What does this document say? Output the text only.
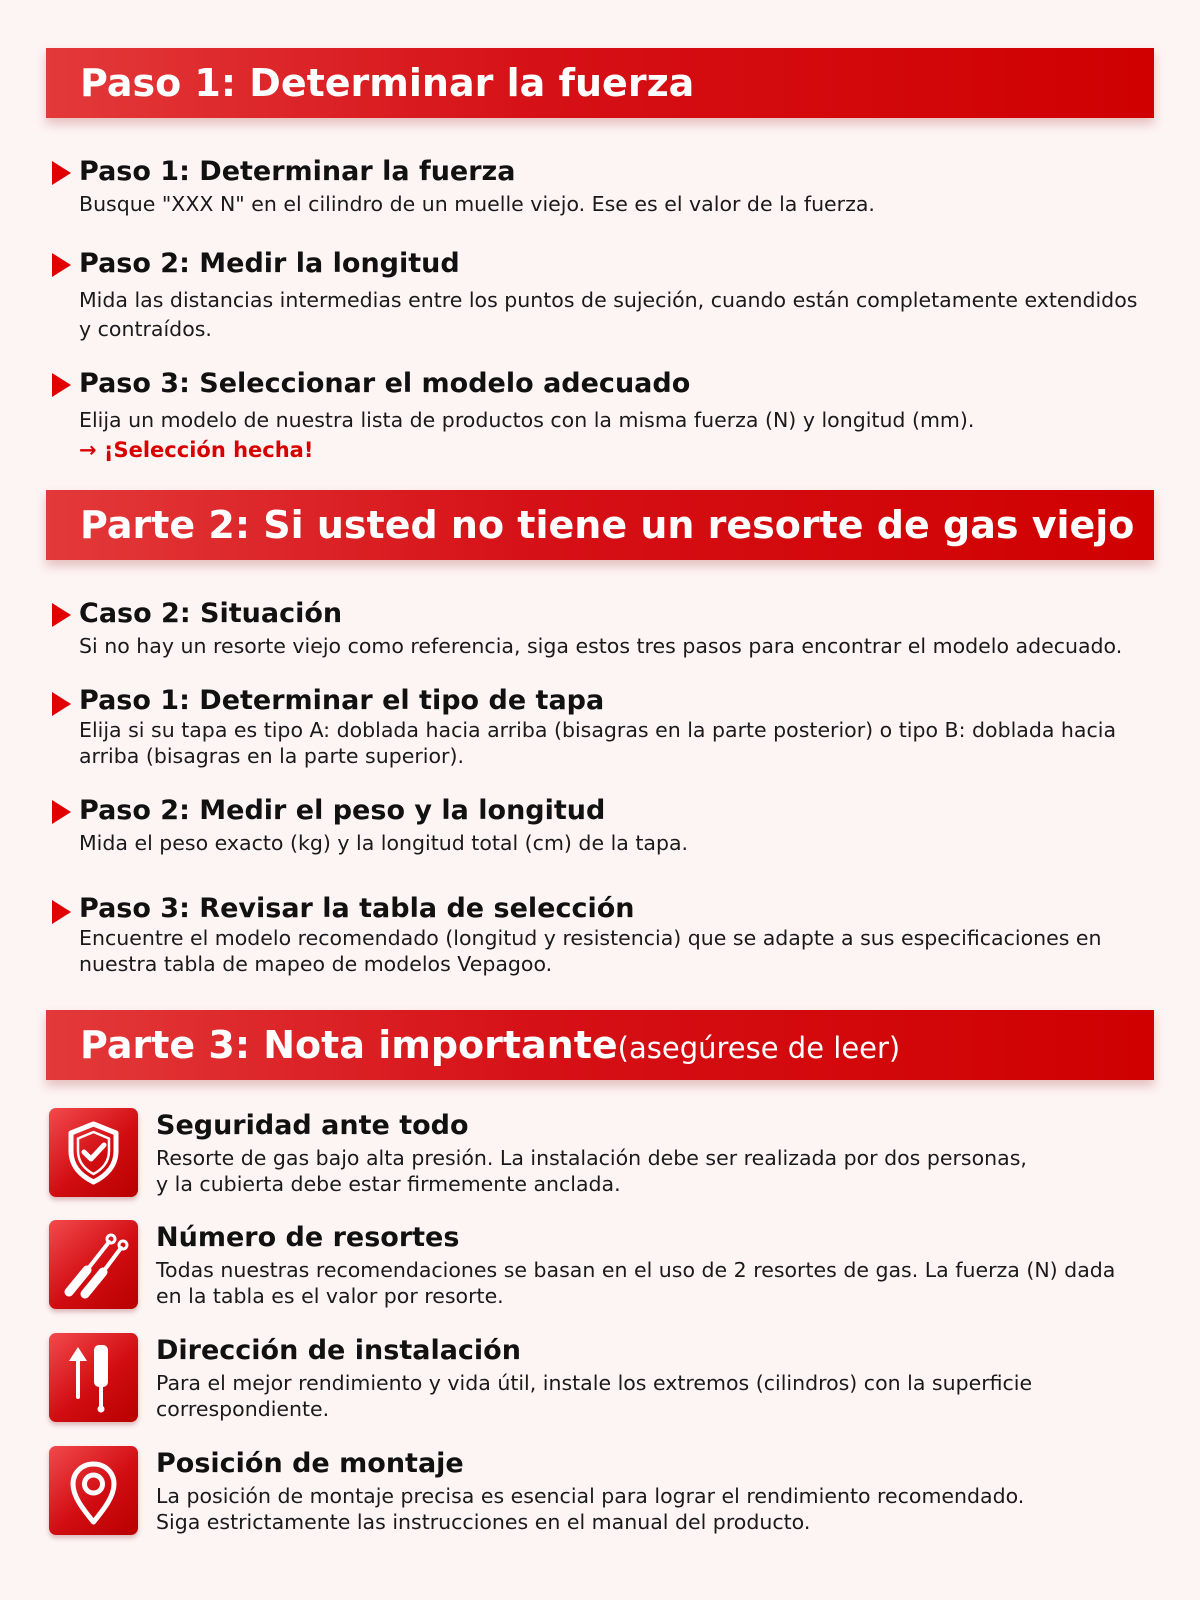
Paso 1: Determinar la fuerza
Paso 1: Determinar la fuerza
Busque "XXX N" en el cilindro de un muelle viejo. Ese es el valor de la fuerza.
Paso 2: Medir la longitud
Mida las distancias intermedias entre los puntos de sujeción, cuando están completamente extendidos y contraídos.
Paso 3: Seleccionar el modelo adecuado
Elija un modelo de nuestra lista de productos con la misma fuerza (N) y longitud (mm).
→ ¡Selección hecha!
Parte 2: Si usted no tiene un resorte de gas viejo
Caso 2: Situación
Si no hay un resorte viejo como referencia, siga estos tres pasos para encontrar el modelo adecuado.
Paso 1: Determinar el tipo de tapa
Elija si su tapa es tipo A: doblada hacia arriba (bisagras en la parte posterior) o tipo B: doblada hacia arriba (bisagras en la parte superior).
Paso 2: Medir el peso y la longitud
Mida el peso exacto (kg) y la longitud total (cm) de la tapa.
Paso 3: Revisar la tabla de selección
Encuentre el modelo recomendado (longitud y resistencia) que se adapte a sus especificaciones en nuestra tabla de mapeo de modelos Vepagoo.
Parte 3: Nota importante(asegúrese de leer)
Seguridad ante todo
Resorte de gas bajo alta presión. La instalación debe ser realizada por dos personas,
y la cubierta debe estar firmemente anclada.
Número de resortes
Todas nuestras recomendaciones se basan en el uso de 2 resortes de gas. La fuerza (N) dada
en la tabla es el valor por resorte.
Dirección de instalación
Para el mejor rendimiento y vida útil, instale los extremos (cilindros) con la superficie
correspondiente.
Posición de montaje
La posición de montaje precisa es esencial para lograr el rendimiento recomendado.
Siga estrictamente las instrucciones en el manual del producto.
